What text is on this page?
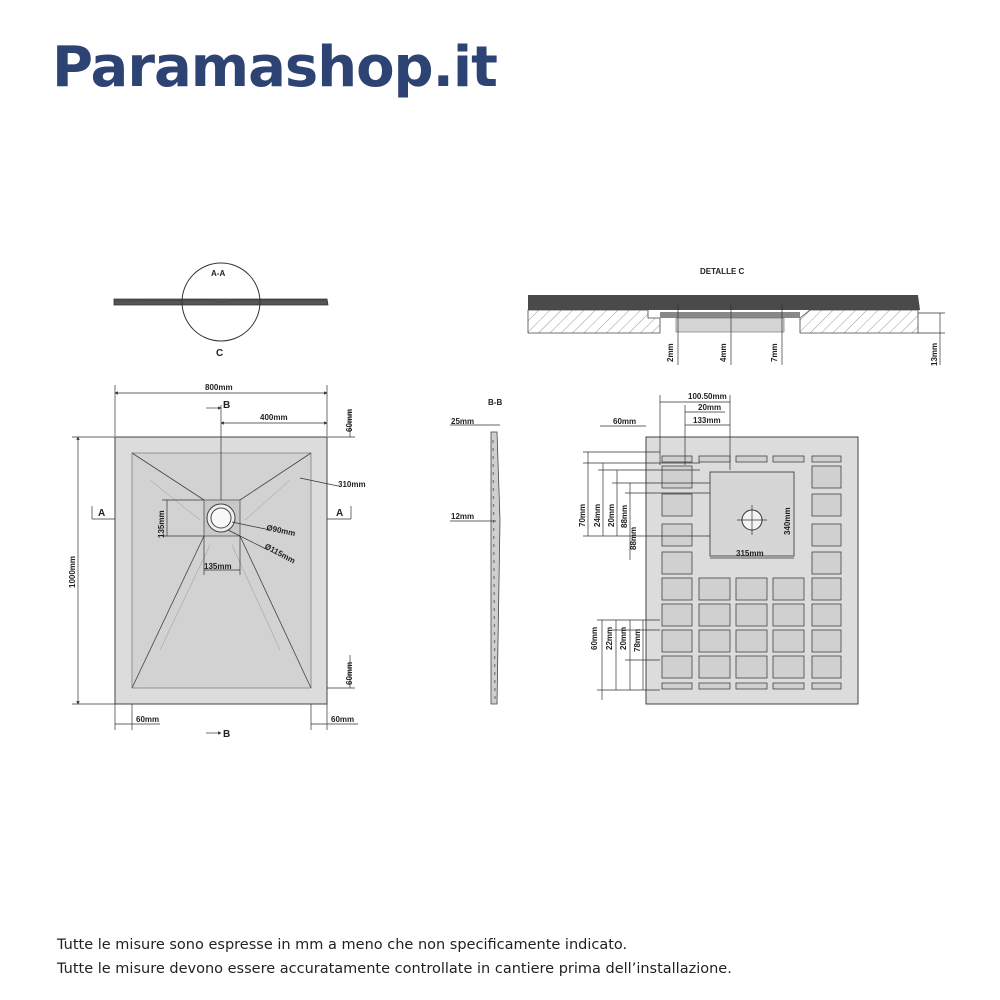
Paramashop.it
A-A
C
DETALLE C
2mm	4mm	7mm	13mm
800mm
400mm
B
60mm
310mm
135mm
135mm
Ø90mm
Ø115mm
A	A
1000mm
60mm
60mm	60mm
B
B-B
25mm
12mm
100.50mm
20mm
133mm
60mm
70mm 24mm 20mm 88mm
88mm
340mm
315mm
60mm 22mm 20mm 78mm
Tutte le misure sono espresse in mm a meno che non specificamente indicato.
Tutte le misure devono essere accuratamente controllate in cantiere prima dell’installazione.
